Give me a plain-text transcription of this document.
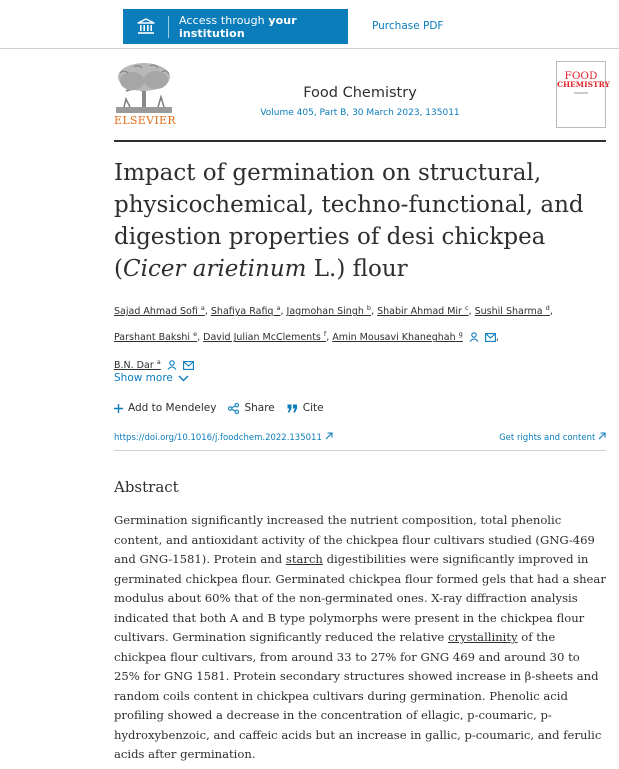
Access through your institution
Purchase PDF
ELSEVIER
Food Chemistry
Volume 405, Part B, 30 March 2023, 135011
FOOD
CHEMISTRY
Impact of germination on structural, physicochemical, techno-functional, and digestion properties of desi chickpea (Cicer arietinum L.) flour
Sajad Ahmad Sofi $^a$, Shafiya Rafiq $^a$, Jagmohan Singh $^b$, Shabir Ahmad Mir $^c$, Sushil Sharma $^d$,
Parshant Bakshi $^e$, David Julian McClements $^f$, Amin Mousavi Khaneghah $^g$	,
B.N. Dar $^a$
Show more
Add to Mendeley	Share	Cite
https://doi.org/10.1016/j.foodchem.2022.135011	Get rights and content
Abstract

Germination significantly increased the nutrient composition, total phenolic content, and antioxidant activity of the chickpea flour cultivars studied (GNG-469 and GNG-1581). Protein and starch digestibilities were significantly improved in germinated chickpea flour. Germinated chickpea flour formed gels that had a shear modulus about 60% that of the non-germinated ones. X-ray diffraction analysis indicated that both A and B type polymorphs were present in the chickpea flour cultivars. Germination significantly reduced the relative crystallinity of the chickpea flour cultivars, from around 33 to 27% for GNG 469 and around 30 to 25% for GNG 1581. Protein secondary structures showed increase in β-sheets and random coils content in chickpea cultivars during germination. Phenolic acid profiling showed a decrease in the concentration of ellagic, p-coumaric, p-hydroxybenzoic, and caffeic acids but an increase in gallic, p-coumaric, and ferulic acids after germination.
